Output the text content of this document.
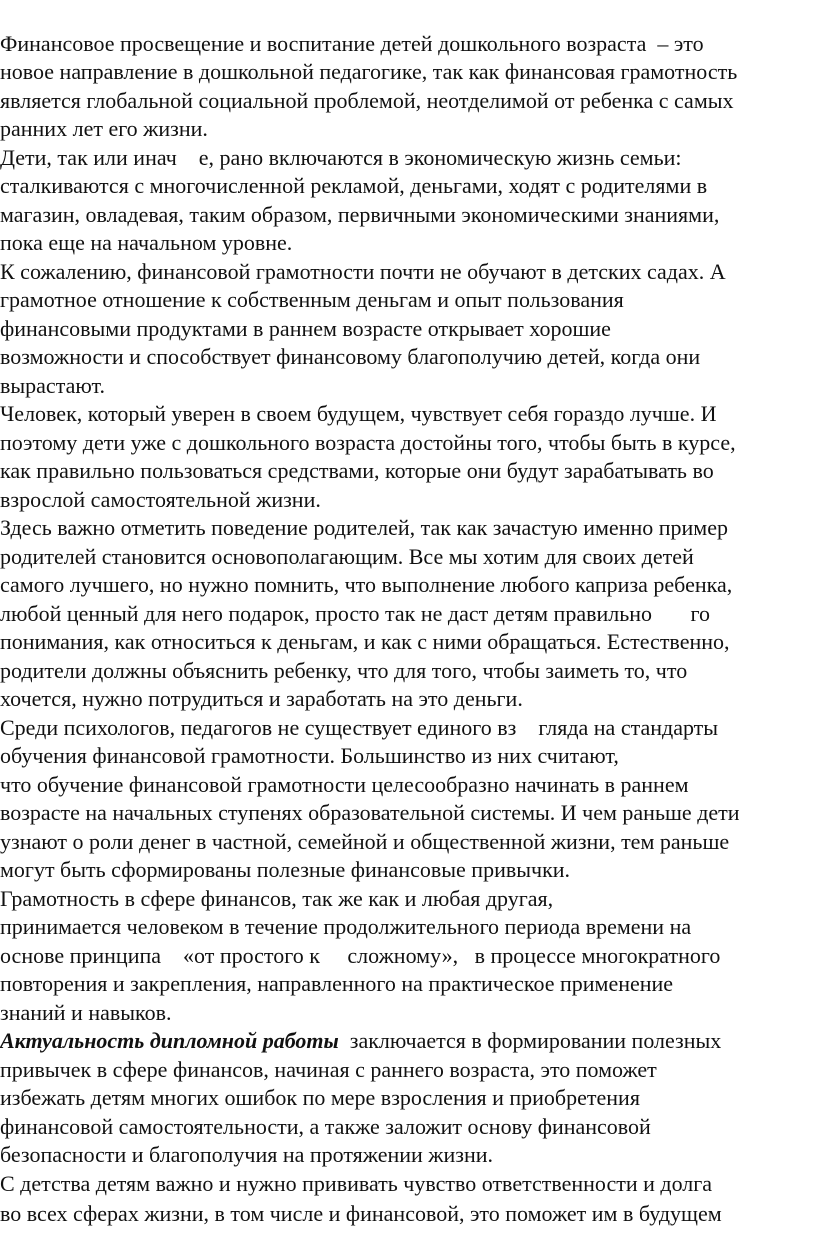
Финансовое просвещение и воспитание детей дошкольного возраста  – это
новое направление в дошкольной педагогике, так как финансовая грамотность
является глобальной социальной проблемой, неотделимой от ребенка с самых
ранних лет его жизни.
Дети, так или инач    е, рано включаются в экономическую жизнь семьи:
сталкиваются с многочисленной рекламой, деньгами, ходят с родителями в
магазин, овладевая, таким образом, первичными экономическими знаниями,
пока еще на начальном уровне.
К сожалению, финансовой грамотности почти не обучают в детских садах. А
грамотное отношение к собственным деньгам и опыт пользования
финансовыми продуктами в раннем возрасте открывает хорошие
возможности и способствует финансовому благополучию детей, когда они
вырастают.
Человек, который уверен в своем будущем, чувствует себя гораздо лучше. И
поэтому дети уже с дошкольного возраста достойны того, чтобы быть в курсе,
как правильно пользоваться средствами, которые они будут зарабатывать во
взрослой самостоятельной жизни.
Здесь важно отметить поведение родителей, так как зачастую именно пример
родителей становится основополагающим. Все мы хотим для своих детей
самого лучшего, но нужно помнить, что выполнение любого каприза ребенка,
любой ценный для него подарок, просто так не даст детям правильно       го
понимания, как относиться к деньгам, и как с ними обращаться. Естественно,
родители должны объяснить ребенку, что для того, чтобы заиметь то, что
хочется, нужно потрудиться и заработать на это деньги.
Среди психологов, педагогов не существует единого вз    гляда на стандарты
обучения финансовой грамотности. Большинство из них считают,
что обучение финансовой грамотности целесообразно начинать в раннем
возрасте на начальных ступенях образовательной системы. И чем раньше дети
узнают о роли денег в частной, семейной и общественной жизни, тем раньше
могут быть сформированы полезные финансовые привычки.
Грамотность в сфере финансов, так же как и любая другая,
принимается человеком в течение продолжительного периода времени на
основе принципа    «от простого к     сложному»,   в процессе многократного
повторения и закрепления, направленного на практическое применение
знаний и навыков.
Актуальность дипломной работы  заключается в формировании полезных
привычек в сфере финансов, начиная с раннего возраста, это поможет
избежать детям многих ошибок по мере взросления и приобретения
финансовой самостоятельности, а также заложит основу финансовой
безопасности и благополучия на протяжении жизни.
С детства детям важно и нужно прививать чувство ответственности и долга
во всех сферах жизни, в том числе и финансовой, это поможет им в будущем
